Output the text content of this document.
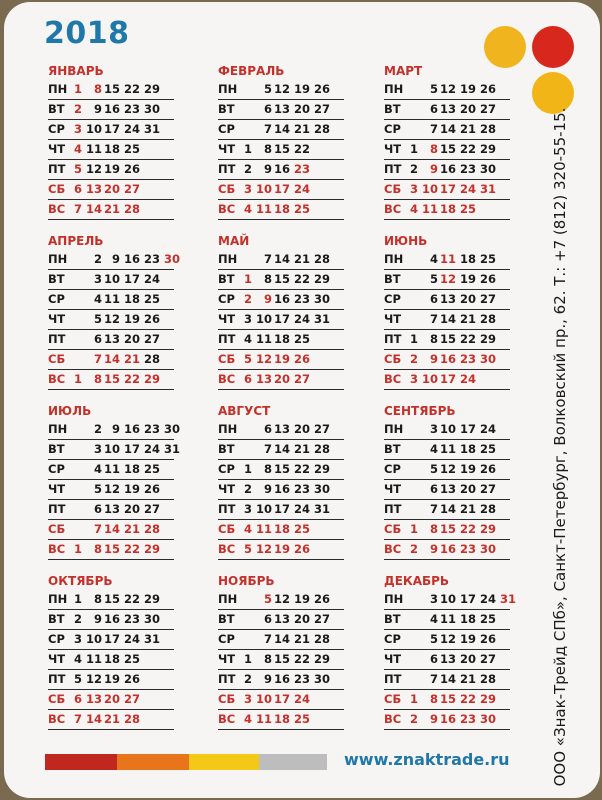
2018
ЯНВАРЬ
ПН 1	8 15 22 29
ВТ 2	9 16 23 30
СР 3 10 17 24 31
ЧТ 4 11 18 25
ПТ 5 12 19 26
СБ 6 13 20 27
ВС 7 14 21 28
ФЕВРАЛЬ
ПН	5 12 19 26
ВТ	6 13 20 27
СР	7 14 21 28
ЧТ 1	8 15 22
ПТ 2	9 16 23
СБ 3 10 17 24
ВС 4 11 18 25
МАРТ
ПН	5 12 19 26
ВТ	6 13 20 27
СР	7 14 21 28
ЧТ 1	8 15 22 29
ПТ 2	9 16 23 30
СБ 3 10 17 24 31
ВС 4 11 18 25
АПРЕЛЬ
ПН	2 9 16 23 30
ВТ	3 10 17 24
СР	4 11 18 25
ЧТ	5 12 19 26
ПТ	6 13 20 27
СБ	7 14 21 28
ВС 1	8 15 22 29
МАЙ
ПН	7 14 21 28
ВТ 1	8 15 22 29
СР 2	9 16 23 30
ЧТ 3 10 17 24 31
ПТ 4 11 18 25
СБ 5 12 19 26
ВС 6 13 20 27
ИЮНЬ
ПН	4 11 18 25
ВТ	5 12 19 26
СР	6 13 20 27
ЧТ	7 14 21 28
ПТ 1	8 15 22 29
СБ 2	9 16 23 30
ВС 3 10 17 24
ИЮЛЬ
ПН	2 9 16 23 30
ВТ	3 10 17 24 31
СР	4 11 18 25
ЧТ	5 12 19 26
ПТ	6 13 20 27
СБ	7 14 21 28
ВС 1	8 15 22 29
АВГУСТ
ПН	6 13 20 27
ВТ	7 14 21 28
СР 1	8 15 22 29
ЧТ 2	9 16 23 30
ПТ 3 10 17 24 31
СБ 4 11 18 25
ВС 5 12 19 26
СЕНТЯБРЬ
ПН	3 10 17 24
ВТ	4 11 18 25
СР	5 12 19 26
ЧТ	6 13 20 27
ПТ	7 14 21 28
СБ 1	8 15 22 29
ВС 2	9 16 23 30
ОКТЯБРЬ
ПН 1	8 15 22 29
ВТ 2	9 16 23 30
СР 3 10 17 24 31
ЧТ 4 11 18 25
ПТ 5 12 19 26
СБ 6 13 20 27
ВС 7 14 21 28
НОЯБРЬ
ПН	5 12 19 26
ВТ	6 13 20 27
СР	7 14 21 28
ЧТ 1	8 15 22 29
ПТ 2	9 16 23 30
СБ 3 10 17 24
ВС 4 11 18 25
ДЕКАБРЬ
ПН	3 10 17 24 31
ВТ	4 11 18 25
СР	5 12 19 26
ЧТ	6 13 20 27
ПТ	7 14 21 28
СБ 1	8 15 22 29
ВС 2	9 16 23 30	ООО «Знак-Трейд СПб», Санкт-Петербург, Волковский пр., 62. Т.: +7 (812) 320-55-15.
www.znaktrade.ru
